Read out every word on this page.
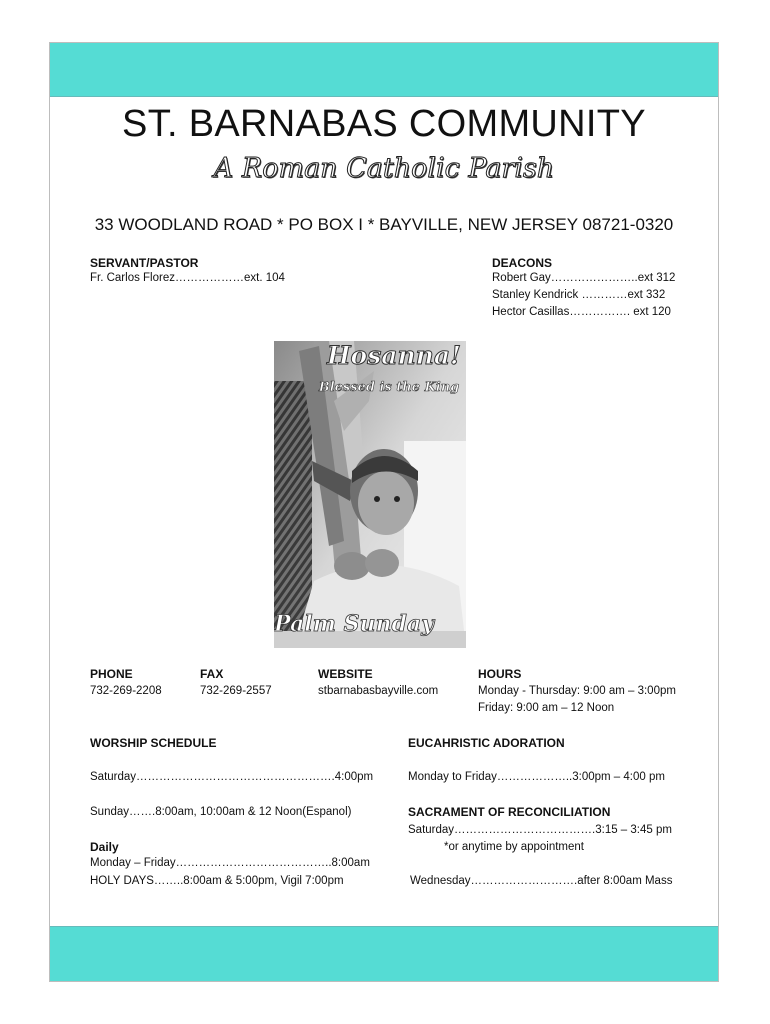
ST. BARNABAS COMMUNITY
A Roman Catholic Parish
33 WOODLAND ROAD * PO BOX I * BAYVILLE, NEW JERSEY 08721-0320
SERVANT/PASTOR
Fr. Carlos Florez………………ext. 104
DEACONS
Robert Gay…………………..ext 312
Stanley Kendrick …………ext 332
Hector Casillas……………. ext 120
Hosanna!
Blessed is the King
Palm Sunday
PHONE
732-269-2208
FAX
732-269-2557
WEBSITE
stbarnabasbayville.com
HOURS
Monday - Thursday: 9:00 am – 3:00pm
Friday: 9:00 am – 12 Noon
WORSHIP SCHEDULE
Saturday…………………………………………….4:00pm
Sunday…….8:00am, 10:00am & 12 Noon(Espanol)
Daily
Monday – Friday…………………………………..8:00am
HOLY DAYS……..8:00am & 5:00pm, Vigil 7:00pm
EUCAHRISTIC ADORATION
Monday to Friday………………..3:00pm – 4:00 pm
SACRAMENT OF RECONCILIATION
Saturday……………………………….3:15 – 3:45 pm
*or anytime by appointment
Wednesday……………………….after 8:00am Mass
